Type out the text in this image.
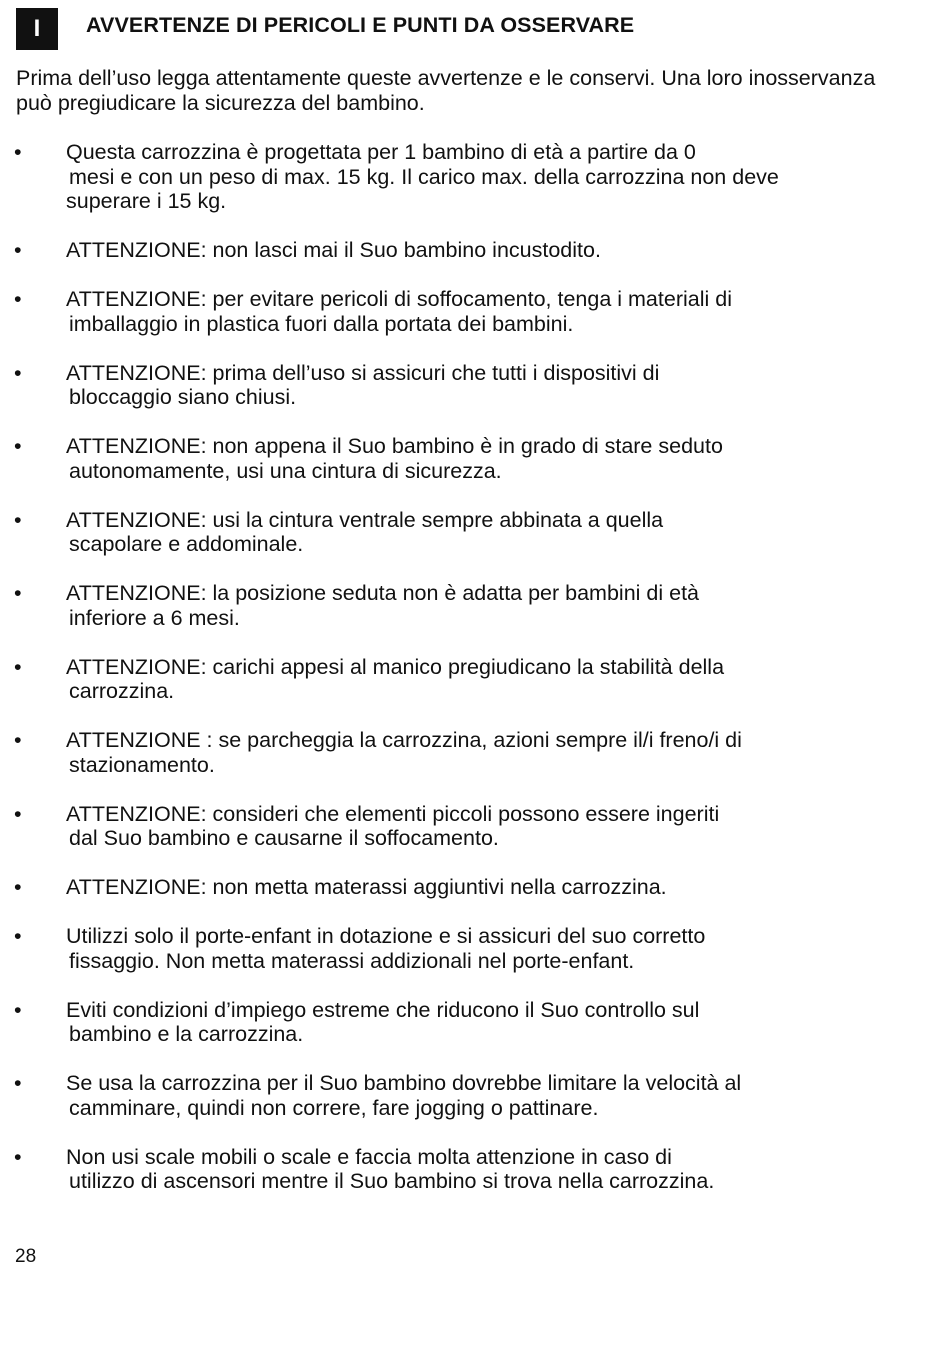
I	AVVERTENZE DI PERICOLI E PUNTI DA OSSERVARE

Prima dell’uso legga attentamente queste avvertenze e le conservi. Una loro inosservanza può pregiudicare la sicurezza del bambino.

• Questa carrozzina è progettata per 1 bambino di età a partire da 0
mesi e con un peso di max. 15 kg. Il carico max. della carrozzina non deve superare i 15 kg.
• ATTENZIONE: non lasci mai il Suo bambino incustodito.
• ATTENZIONE: per evitare pericoli di soffocamento, tenga i materiali di
imballaggio in plastica fuori dalla portata dei bambini.
• ATTENZIONE: prima dell’uso si assicuri che tutti i dispositivi di
bloccaggio siano chiusi.
• ATTENZIONE: non appena il Suo bambino è in grado di stare seduto
autonomamente, usi una cintura di sicurezza.
• ATTENZIONE: usi la cintura ventrale sempre abbinata a quella
scapolare e addominale.
• ATTENZIONE: la posizione seduta non è adatta per bambini di età
inferiore a 6 mesi.
• ATTENZIONE: carichi appesi al manico pregiudicano la stabilità della
carrozzina.
• ATTENZIONE : se parcheggia la carrozzina, azioni sempre il/i freno/i di
stazionamento.
• ATTENZIONE: consideri che elementi piccoli possono essere ingeriti
dal Suo bambino e causarne il soffocamento.
• ATTENZIONE: non metta materassi aggiuntivi nella carrozzina.
• Utilizzi solo il porte-enfant in dotazione e si assicuri del suo corretto
fissaggio. Non metta materassi addizionali nel porte-enfant.
• Eviti condizioni d’impiego estreme che riducono il Suo controllo sul
bambino e la carrozzina.
• Se usa la carrozzina per il Suo bambino dovrebbe limitare la velocità al
camminare, quindi non correre, fare jogging o pattinare.
• Non usi scale mobili o scale e faccia molta attenzione in caso di
utilizzo di ascensori mentre il Suo bambino si trova nella carrozzina.
28
